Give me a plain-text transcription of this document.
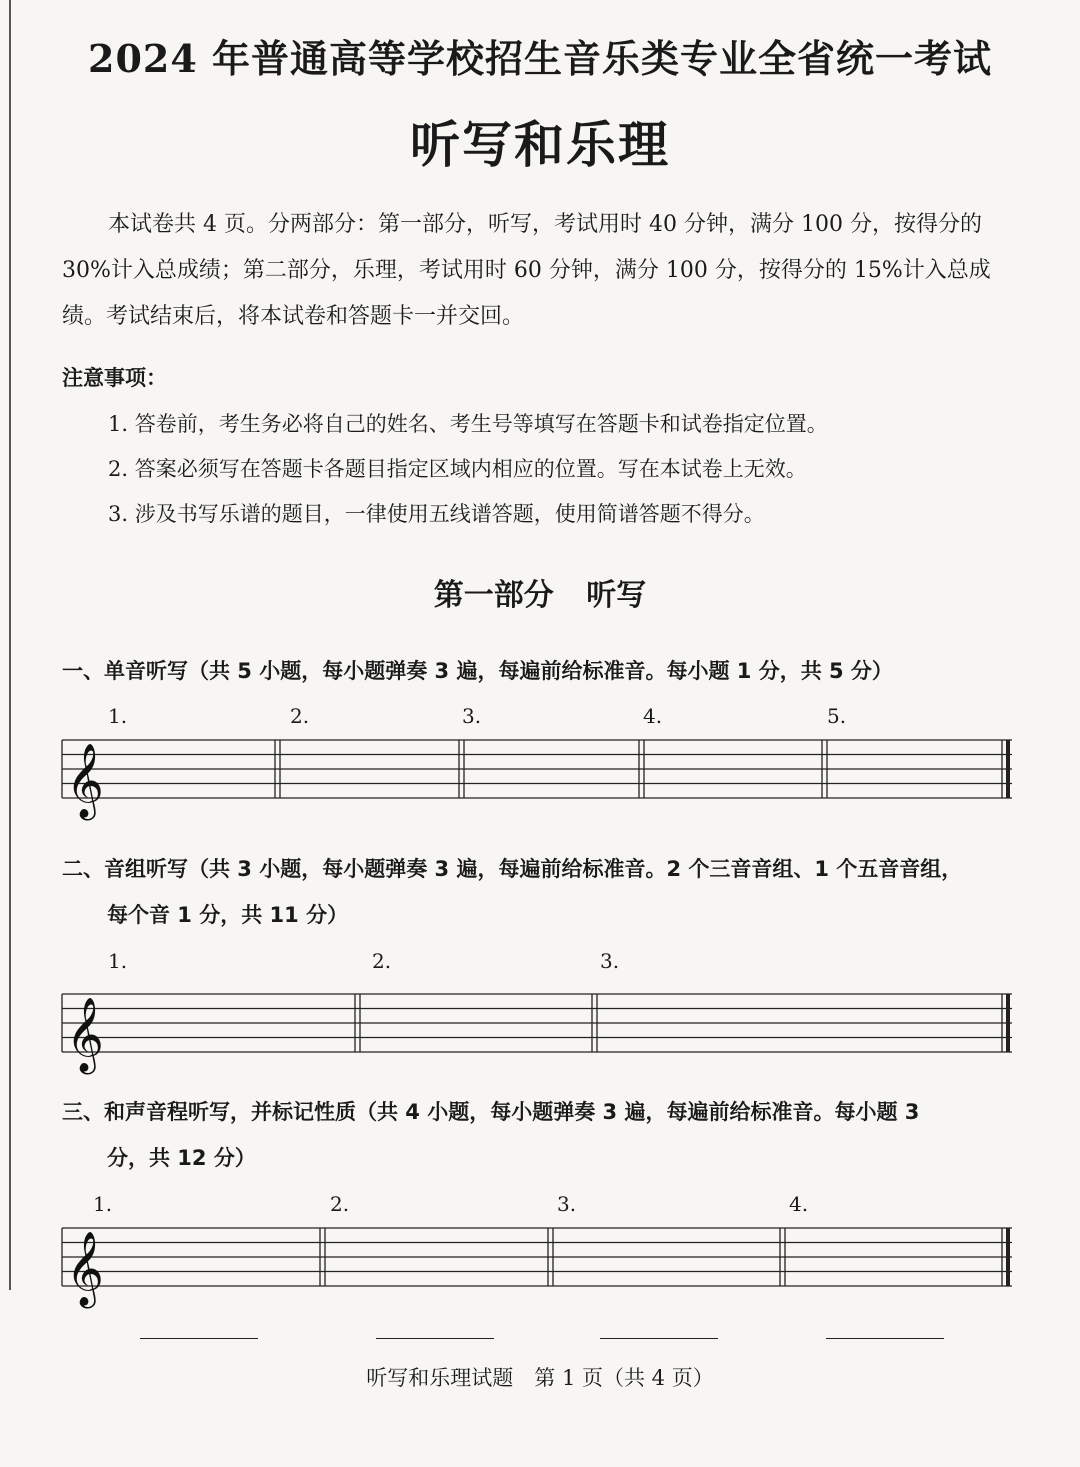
2024 年普通高等学校招生音乐类专业全省统一考试
听写和乐理
本试卷共 4 页。分两部分：第一部分，听写，考试用时 40 分钟，满分 100 分，按得分的30%计入总成绩；第二部分，乐理，考试用时 60 分钟，满分 100 分，按得分的 15%计入总成绩。考试结束后，将本试卷和答题卡一并交回。
注意事项：
1. 答卷前，考生务必将自己的姓名、考生号等填写在答题卡和试卷指定位置。
2. 答案必须写在答题卡各题目指定区域内相应的位置。写在本试卷上无效。
3. 涉及书写乐谱的题目，一律使用五线谱答题，使用简谱答题不得分。
第一部分 听写
一、单音听写（共 5 小题，每小题弹奏 3 遍，每遍前给标准音。每小题 1 分，共 5 分）
1.	2.	3.	4.	5.
二、音组听写（共 3 小题，每小题弹奏 3 遍，每遍前给标准音。2 个三音音组、1 个五音音组，
每个音 1 分，共 11 分）
1.	2.	3.
三、和声音程听写，并标记性质（共 4 小题，每小题弹奏 3 遍，每遍前给标准音。每小题 3
分，共 12 分）
1.	2.	3.	4.
𝄞
𝄞
𝄞
听写和乐理试题　第 1 页（共 4 页）
